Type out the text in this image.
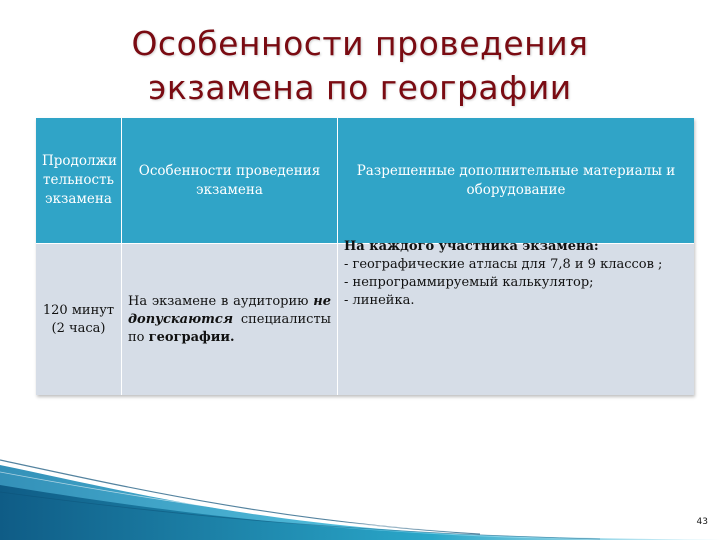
Особенности проведения
экзамена по географии
Продолжи тельность экзамена	Особенности проведения экзамена	Разрешенные дополнительные материалы и оборудование
120 минут (2 часа)	На экзамене в аудиторию не допускаются специалисты по географии.	На каждого участника экзамена:
- географические атласы для 7,8 и 9 классов ;
- непрограммируемый калькулятор;
- линейка.
43
